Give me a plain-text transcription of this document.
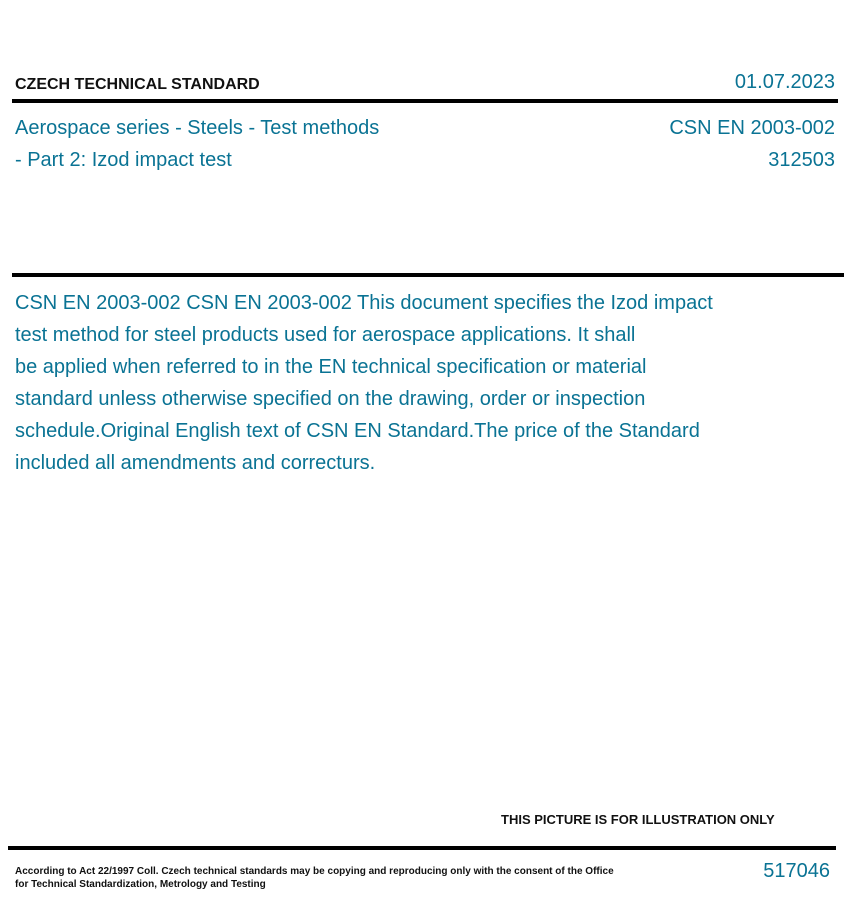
CZECH TECHNICAL STANDARD	01.07.2023
Aerospace series - Steels - Test methods
- Part 2: Izod impact test
CSN EN 2003-002
312503
CSN EN 2003-002 CSN EN 2003-002 This document specifies the Izod impact
test method for steel products used for aerospace applications. It shall
be applied when referred to in the EN technical specification or material
standard unless otherwise specified on the drawing, order or inspection
schedule.Original English text of CSN EN Standard.The price of the Standard
included all amendments and correcturs.
THIS PICTURE IS FOR ILLUSTRATION ONLY
According to Act 22/1997 Coll. Czech technical standards may be copying and reproducing only with the consent of the Office
for Technical Standardization, Metrology and Testing
517046
